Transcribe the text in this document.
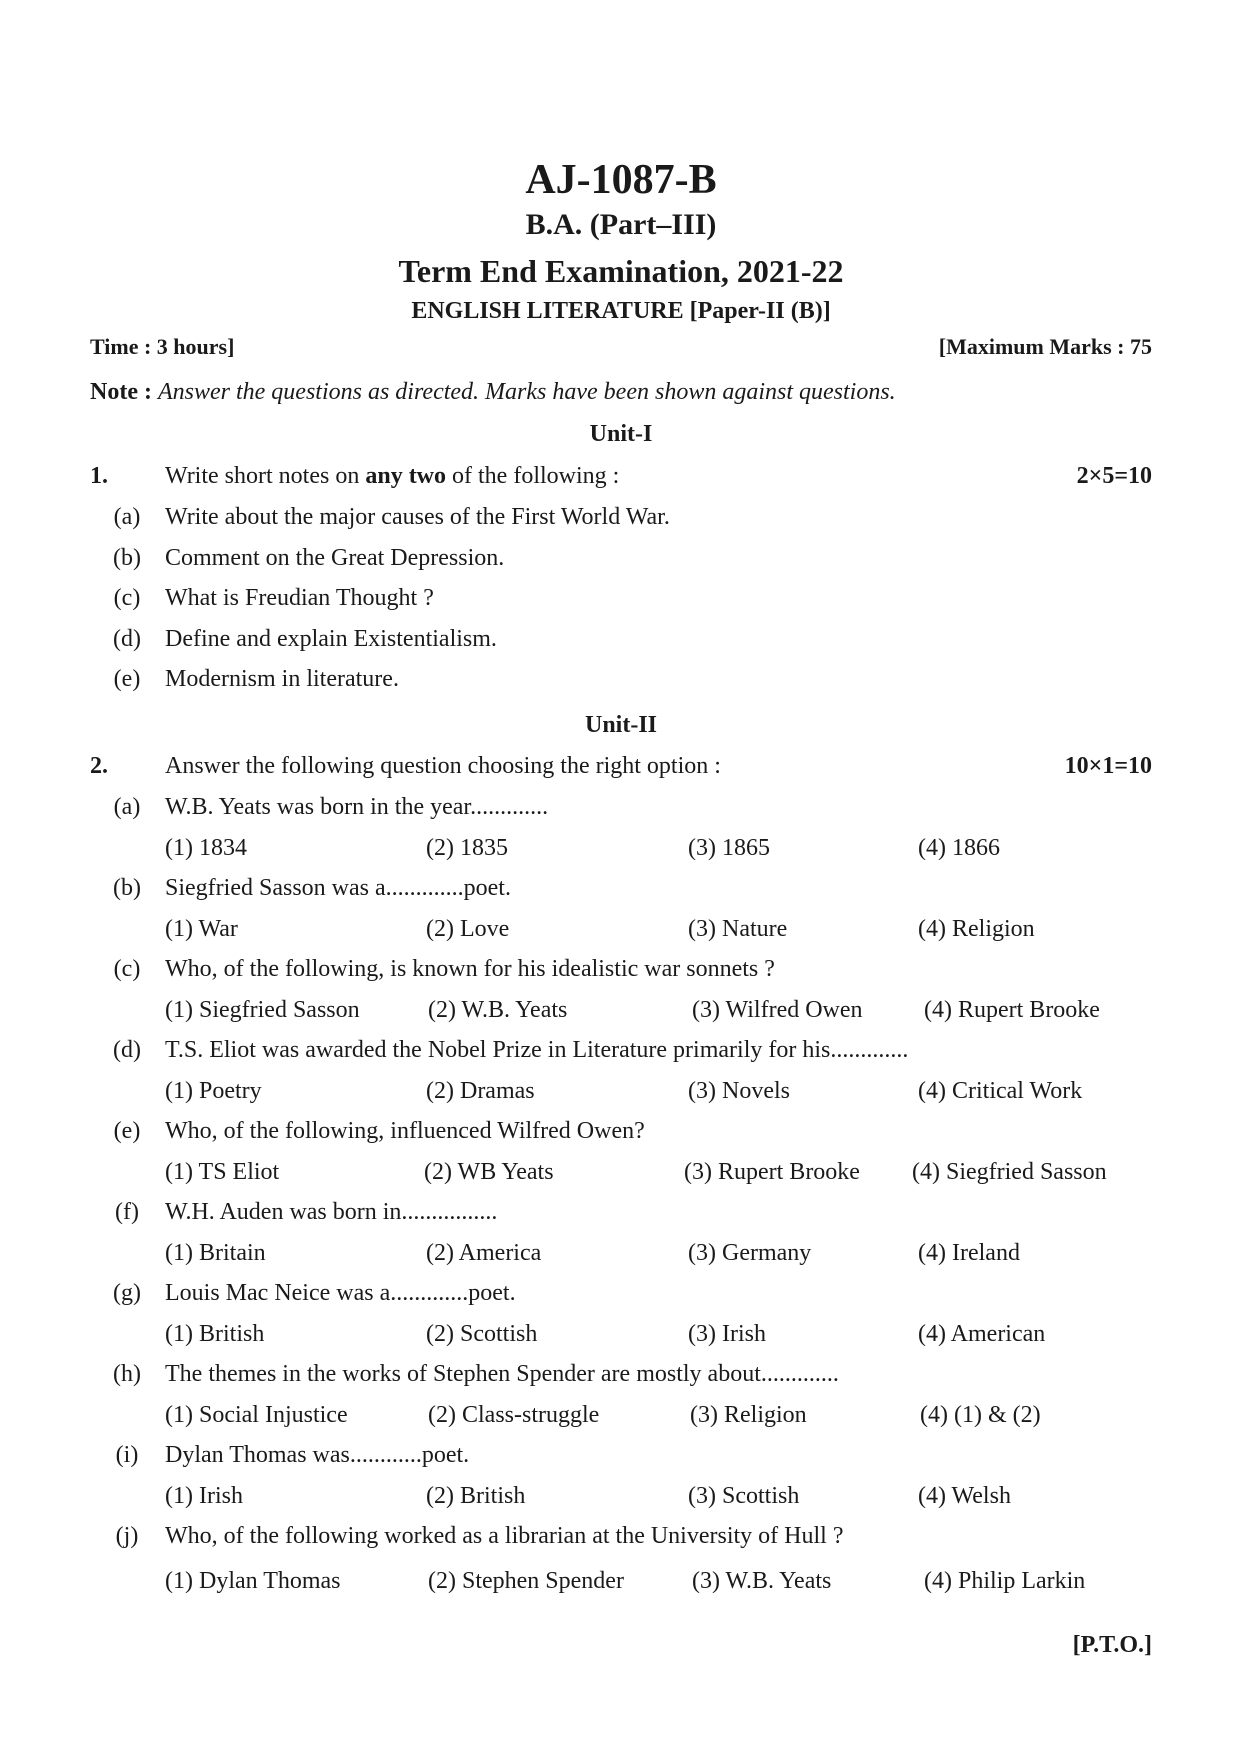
AJ-1087-B
B.A. (Part–III)
Term End Examination, 2021-22
ENGLISH LITERATURE [Paper-II (B)]
Time : 3 hours]	[Maximum Marks : 75
Note : Answer the questions as directed. Marks have been shown against questions.
Unit-I
1. Write short notes on any two of the following :	2×5=10
(a) Write about the major causes of the First World War.
(b) Comment on the Great Depression.
(c) What is Freudian Thought ?
(d) Define and explain Existentialism.
(e) Modernism in literature.
Unit-II
2. Answer the following question choosing the right option :	10×1=10
(a) W.B. Yeats was born in the year.............
(1) 1834	(2) 1835	(3) 1865	(4) 1866
(b) Siegfried Sasson was a.............poet.
(1) War	(2) Love	(3) Nature	(4) Religion
(c) Who, of the following, is known for his idealistic war sonnets ?
(1) Siegfried Sasson	(2) W.B. Yeats	(3) Wilfred Owen	(4) Rupert Brooke
(d) T.S. Eliot was awarded the Nobel Prize in Literature primarily for his.............
(1) Poetry	(2) Dramas	(3) Novels	(4) Critical Work
(e) Who, of the following, influenced Wilfred Owen?
(1) TS Eliot	(2) WB Yeats	(3) Rupert Brooke (4) Siegfried Sasson
(f) W.H. Auden was born in................
(1) Britain	(2) America	(3) Germany	(4) Ireland
(g) Louis Mac Neice was a.............poet.
(1) British	(2) Scottish	(3) Irish	(4) American
(h) The themes in the works of Stephen Spender are mostly about.............
(1) Social Injustice	(2) Class-struggle	(3) Religion	(4) (1) & (2)
(i) Dylan Thomas was............poet.
(1) Irish	(2) British	(3) Scottish	(4) Welsh
(j) Who, of the following worked as a librarian at the University of Hull ?
(1) Dylan Thomas	(2) Stephen Spender	(3) W.B. Yeats	(4) Philip Larkin
[P.T.O.]
